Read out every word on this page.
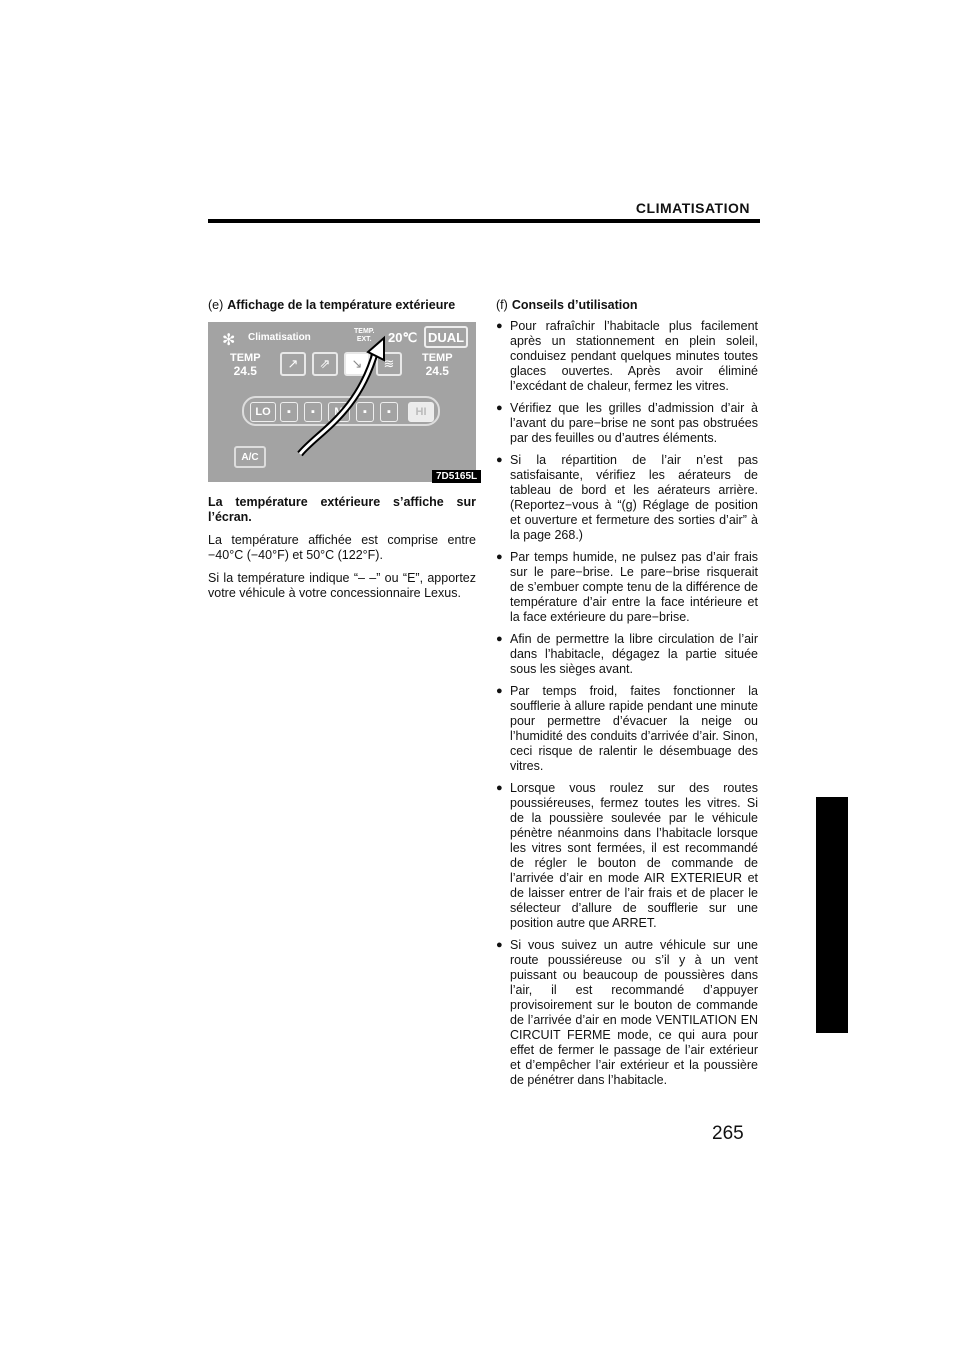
CLIMATISATION

(e) Affichage de la température extérieure

✻ Climatisation
TEMP.
EXT. 20℃ DUAL
TEMP
24.5
TEMP
24.5
↗ ⇗ ↘ ≋
LO	▪	▪	M	▪	▪	HI
A/C
7D5165L

La température extérieure s’affiche sur l’écran.

La température affichée est comprise entre −40°C (−40°F) et 50°C (122°F).

Si la température indique “– –” ou “E”, apportez votre véhicule à votre concessionnaire Lexus.

(f) Conseils d’utilisation

● Pour rafraîchir l’habitacle plus facilement après un stationnement en plein soleil, conduisez pendant quelques minutes toutes glaces ouvertes. Après avoir éliminé l’excédant de chaleur, fermez les vitres.
● Vérifiez que les grilles d’admission d’air à l’avant du pare−brise ne sont pas obstruées par des feuilles ou d’autres éléments.
● Si la répartition de l’air n’est pas satisfaisante, vérifiez les aérateurs de tableau de bord et les aérateurs arrière. (Reportez−vous à “(g) Réglage de position et ouverture et fermeture des sorties d’air” à la page 268.)
● Par temps humide, ne pulsez pas d’air frais sur le pare−brise. Le pare−brise risquerait de s’embuer compte tenu de la différence de température d’air entre la face intérieure et la face extérieure du pare−brise.
● Afin de permettre la libre circulation de l’air dans l’habitacle, dégagez la partie située sous les sièges avant.
● Par temps froid, faites fonctionner la soufflerie à allure rapide pendant une minute pour permettre d’évacuer la neige ou l’humidité des conduits d’arrivée d’air. Sinon, ceci risque de ralentir le désembuage des vitres.
● Lorsque vous roulez sur des routes poussiéreuses, fermez toutes les vitres. Si de la poussière soulevée par le véhicule pénètre néanmoins dans l’habitacle lorsque les vitres sont fermées, il est recommandé de régler le bouton de commande de l’arrivée d’air en mode AIR EXTERIEUR et de laisser entrer de l’air frais et de placer le sélecteur d’allure de soufflerie sur une position autre que ARRET.
● Si vous suivez un autre véhicule sur une route poussiéreuse ou s’il y à un vent puissant ou beaucoup de poussières dans l’air, il est recommandé d’appuyer provisoirement sur le bouton de commande de l’arrivée d’air en mode VENTILATION EN CIRCUIT FERME mode, ce qui aura pour effet de fermer le passage de l’air extérieur et d’empêcher l’air extérieur et la poussière de pénétrer dans l’habitacle.
265
